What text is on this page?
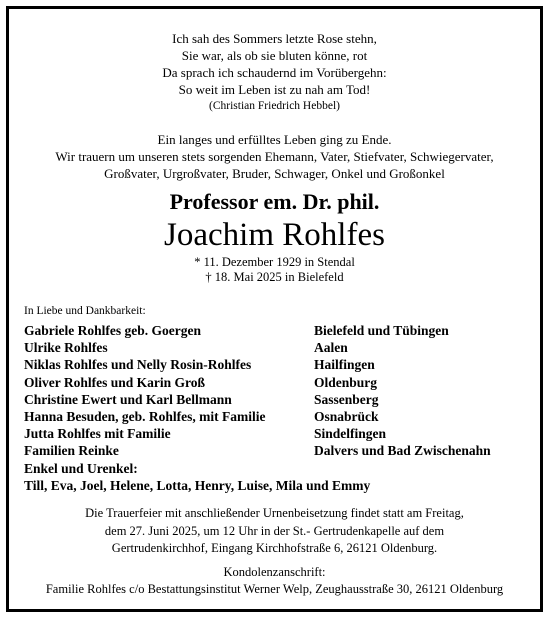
Ich sah des Sommers letzte Rose stehn,
Sie war, als ob sie bluten könne, rot
Da sprach ich schaudernd im Vorübergehn:
So weit im Leben ist zu nah am Tod!
(Christian Friedrich Hebbel)
Ein langes und erfülltes Leben ging zu Ende.
Wir trauern um unseren stets sorgenden Ehemann, Vater, Stiefvater, Schwiegervater,
Großvater, Urgroßvater, Bruder, Schwager, Onkel und Großonkel
Professor em. Dr. phil.
Joachim Rohlfes
* 11. Dezember 1929 in Stendal
† 18. Mai 2025 in Bielefeld
In Liebe und Dankbarkeit:
Gabriele Rohlfes geb. Goergen	Bielefeld und Tübingen
Ulrike Rohlfes	Aalen
Niklas Rohlfes und Nelly Rosin-Rohlfes	Hailfingen
Oliver Rohlfes und Karin Groß	Oldenburg
Christine Ewert und Karl Bellmann	Sassenberg
Hanna Besuden, geb. Rohlfes, mit Familie	Osnabrück
Jutta Rohlfes mit Familie	Sindelfingen
Familien Reinke	Dalvers und Bad Zwischenahn
Enkel und Urenkel:
Till, Eva, Joel, Helene, Lotta, Henry, Luise, Mila und Emmy
Die Trauerfeier mit anschließender Urnenbeisetzung findet statt am Freitag,
dem 27. Juni 2025, um 12 Uhr in der St.- Gertrudenkapelle auf dem
Gertrudenkirchhof, Eingang Kirchhofstraße 6, 26121 Oldenburg.
Kondolenzanschrift:
Familie Rohlfes c/o Bestattungsinstitut Werner Welp, Zeughausstraße 30, 26121 Oldenburg
